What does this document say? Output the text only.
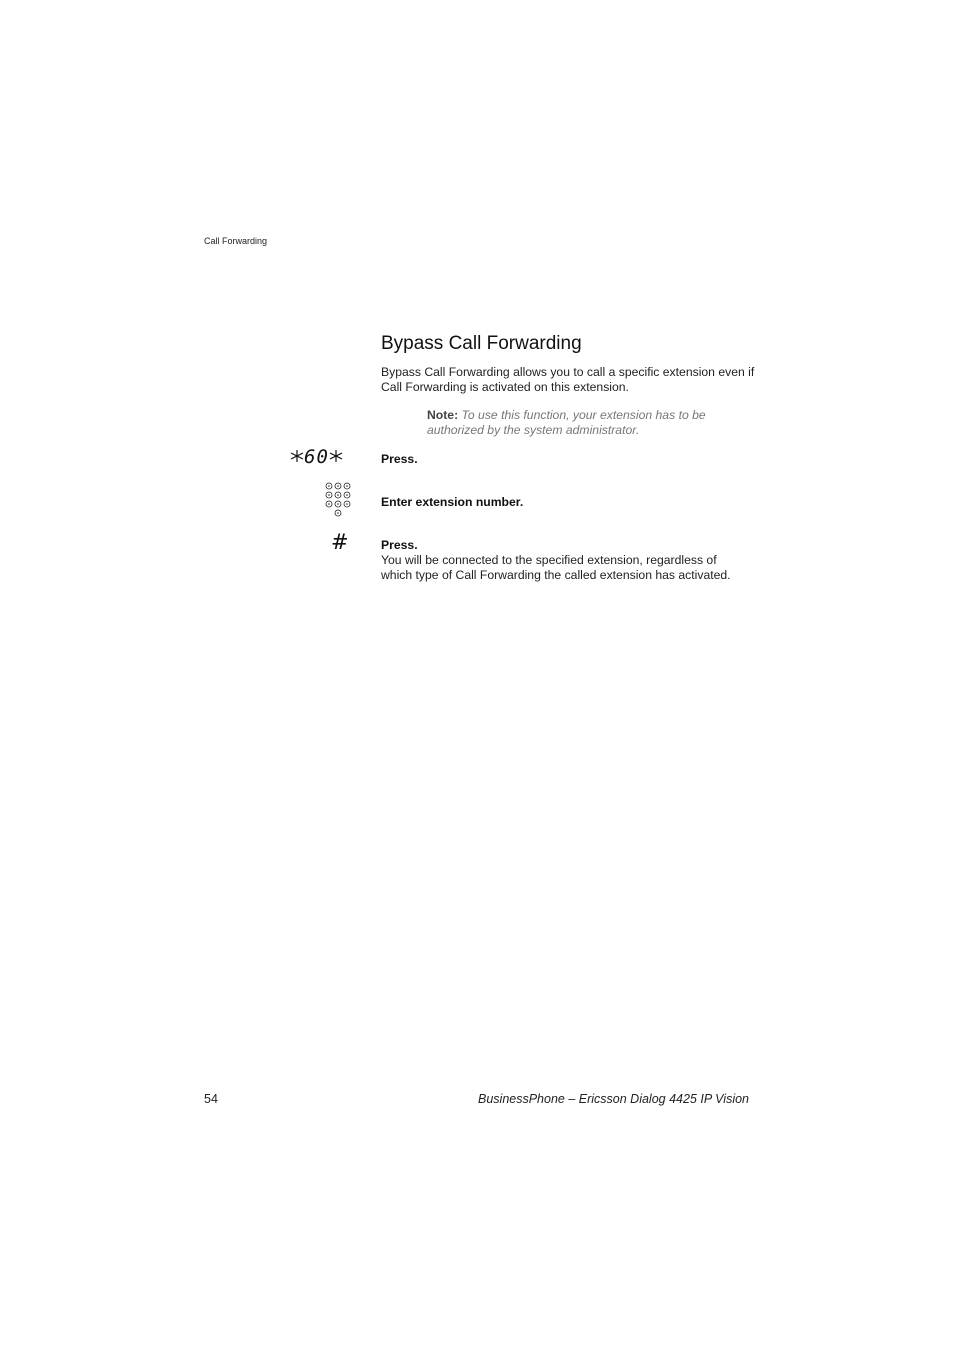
Call Forwarding
Bypass Call Forwarding
Bypass Call Forwarding allows you to call a specific extension even if Call Forwarding is activated on this extension.
Note: To use this function, your extension has to be authorized by the system administrator.
60	Press.
Enter extension number.
#	Press.
You will be connected to the specified extension, regardless of which type of Call Forwarding the called extension has activated.
54	BusinessPhone – Ericsson Dialog 4425 IP Vision
